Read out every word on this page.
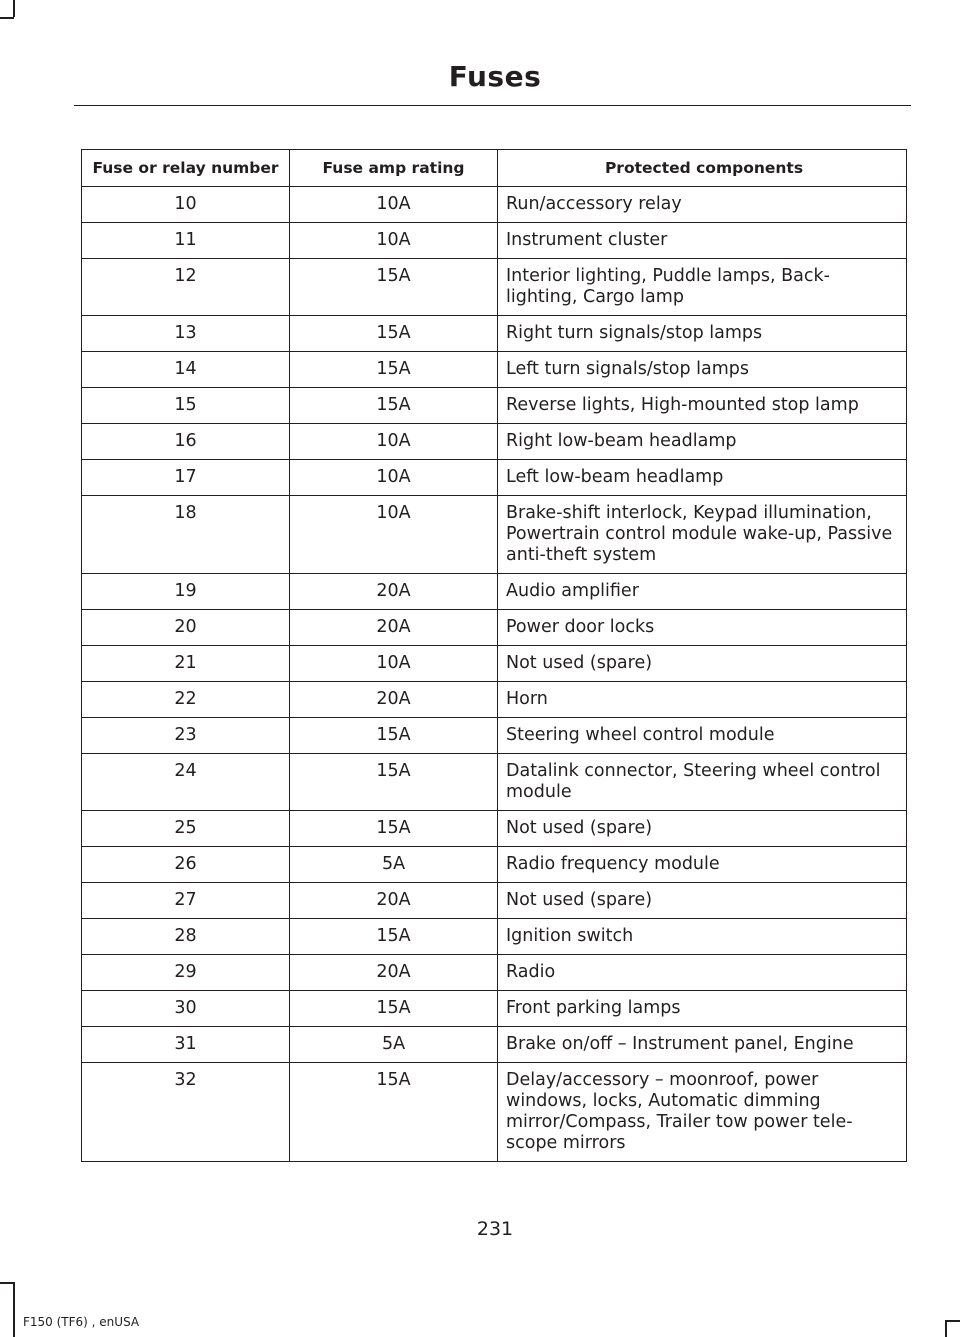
Fuses
Fuse or relay number	Fuse amp rating	Protected components
10	10A	Run/accessory relay
11	10A	Instrument cluster
12	15A	Interior lighting, Puddle lamps, Back-lighting, Cargo lamp
13	15A	Right turn signals/stop lamps
14	15A	Left turn signals/stop lamps
15	15A	Reverse lights, High-mounted stop lamp
16	10A	Right low-beam headlamp
17	10A	Left low-beam headlamp
18	10A	Brake-shift interlock, Keypad illumination, Powertrain control module wake-up, Passive anti-theft system
19	20A	Audio amplifier
20	20A	Power door locks
21	10A	Not used (spare)
22	20A	Horn
23	15A	Steering wheel control module
24	15A	Datalink connector, Steering wheel control module
25	15A	Not used (spare)
26	5A	Radio frequency module
27	20A	Not used (spare)
28	15A	Ignition switch
29	20A	Radio
30	15A	Front parking lamps
31	5A	Brake on/off – Instrument panel, Engine
32	15A	Delay/accessory – moonroof, power windows, locks, Automatic dimming mirror/Compass, Trailer tow power tele-scope mirrors
231
F150 (TF6) , enUSA
